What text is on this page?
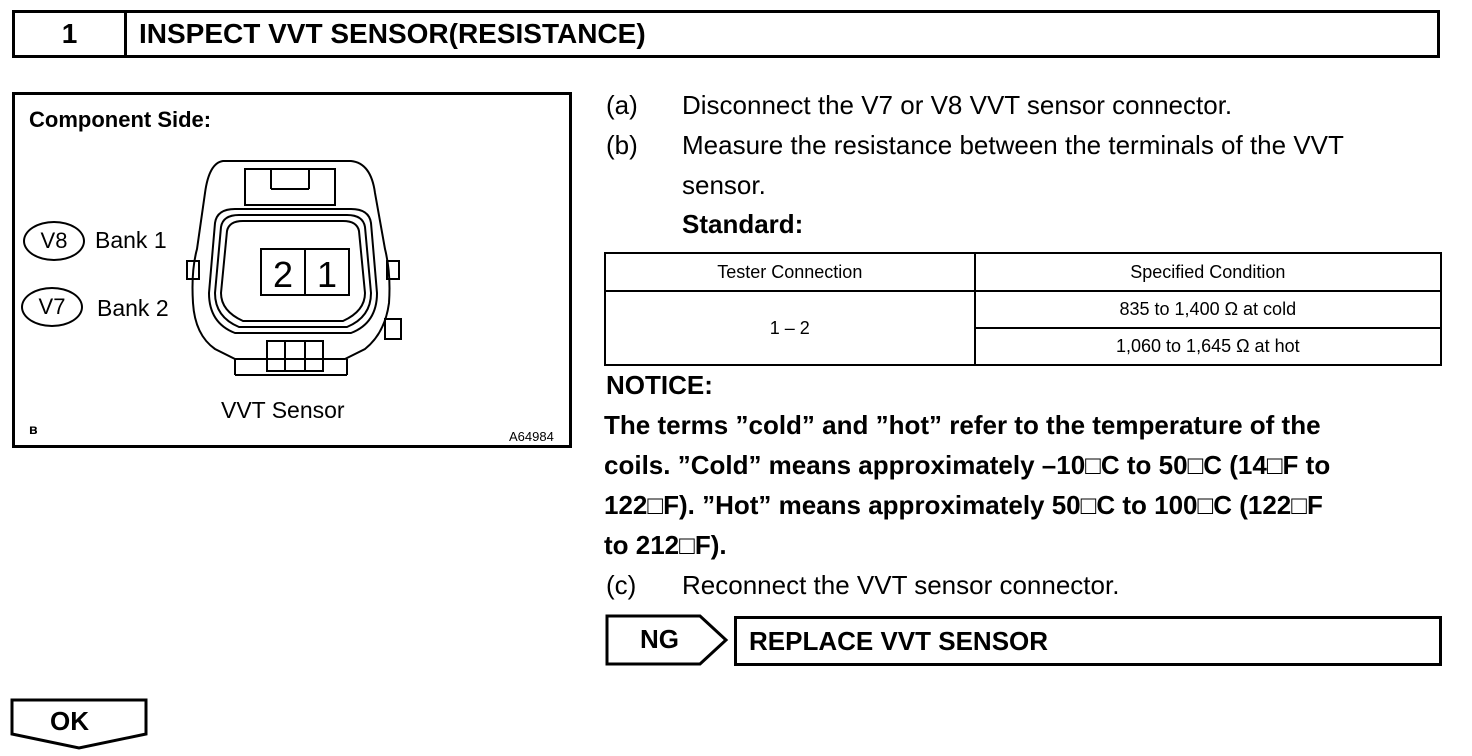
1	INSPECT VVT SENSOR(RESISTANCE)
Component Side:
V8	Bank 1
V7	Bank 2
2 1
VVT Sensor
ʙ	A64984
(a) Disconnect the V7 or V8 VVT sensor connector.
(b) Measure the resistance between the terminals of the VVT
sensor.
Standard:
Tester Connection	Specified Condition
1 – 2	835 to 1,400 Ω at cold
	1,060 to 1,645 Ω at hot
NOTICE:
The terms ”cold” and ”hot” refer to the temperature of the
coils. ”Cold” means approximately –10□C to 50□C (14□F to
122□F). ”Hot” means approximately 50□C to 100□C (122□F
to 212□F).
(c) Reconnect the VVT sensor connector.
NG	REPLACE VVT SENSOR
OK
